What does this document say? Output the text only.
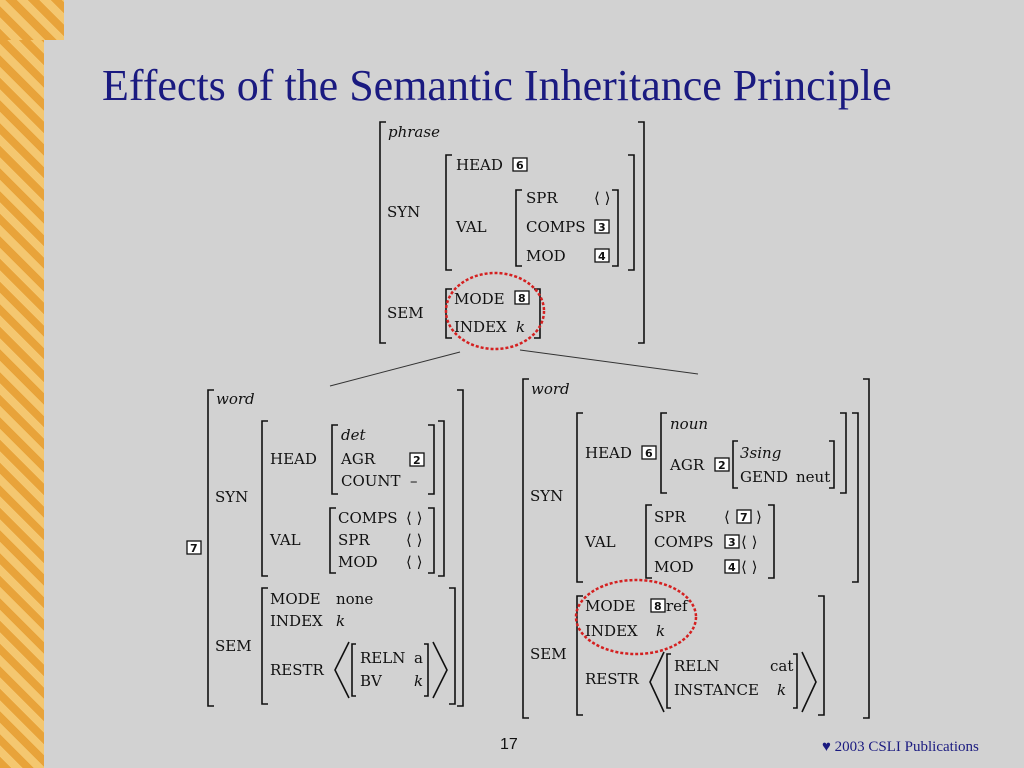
Effects of the Semantic Inheritance Principle
phrase
SYN
HEAD 6
VAL
SPR ⟨ ⟩
COMPS 3
MOD	4
SEM
MODE 8
INDEX k
7
word
SYN
HEAD
det
AGR	2
COUNT –
VAL
COMPS ⟨ ⟩
SPR ⟨ ⟩
MOD ⟨ ⟩
SEM
MODE none
INDEX k
RESTR
RELN a
BV k
word
SYN
HEAD 6
noun
AGR 2
3sing
GEND neut
VAL
SPR	⟨ 7 ⟩
COMPS 3 ⟨ ⟩
MOD	4 ⟨ ⟩
SEM
MODE 8 ref
INDEX k
RESTR
RELN	cat
INSTANCE k
17	♥ 2003 CSLI Publications
